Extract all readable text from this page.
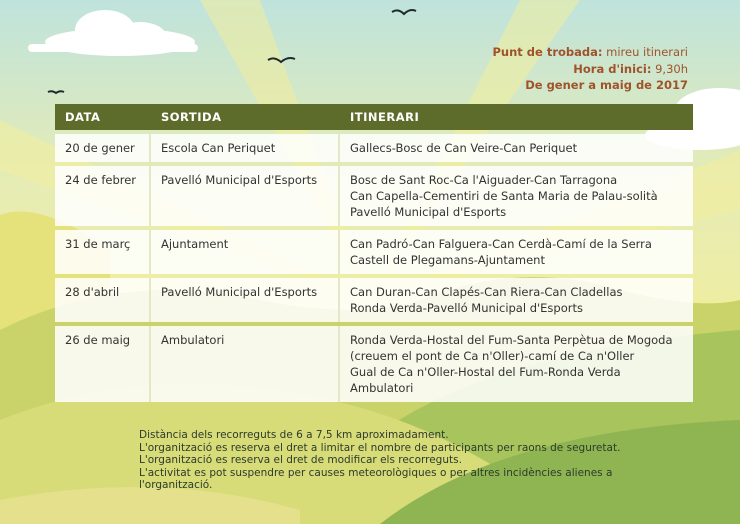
Punt de trobada: mireu itinerari
Hora d'inici: 9,30h
De gener a maig de 2017
DATA	SORTIDA	ITINERARI
20 de gener	Escola Can Periquet	Gallecs-Bosc de Can Veire-Can Periquet
24 de febrer	Pavelló Municipal d'Esports	Bosc de Sant Roc-Ca l'Aiguader-Can Tarragona
Can Capella-Cementiri de Santa Maria de Palau-solità
Pavelló Municipal d'Esports
31 de març	Ajuntament	Can Padró-Can Falguera-Can Cerdà-Camí de la Serra
Castell de Plegamans-Ajuntament
28 d'abril	Pavelló Municipal d'Esports	Can Duran-Can Clapés-Can Riera-Can Cladellas
Ronda Verda-Pavelló Municipal d'Esports
26 de maig	Ambulatori	Ronda Verda-Hostal del Fum-Santa Perpètua de Mogoda
(creuem el pont de Ca n'Oller)-camí de Ca n'Oller
Gual de Ca n'Oller-Hostal del Fum-Ronda Verda
Ambulatori
Distància dels recorreguts de 6 a 7,5 km aproximadament.
L'organització es reserva el dret a limitar el nombre de participants per raons de seguretat.
L'organització es reserva el dret de modificar els recorreguts.
L'activitat es pot suspendre per causes meteorològiques o per altres incidències alienes a
l'organització.
